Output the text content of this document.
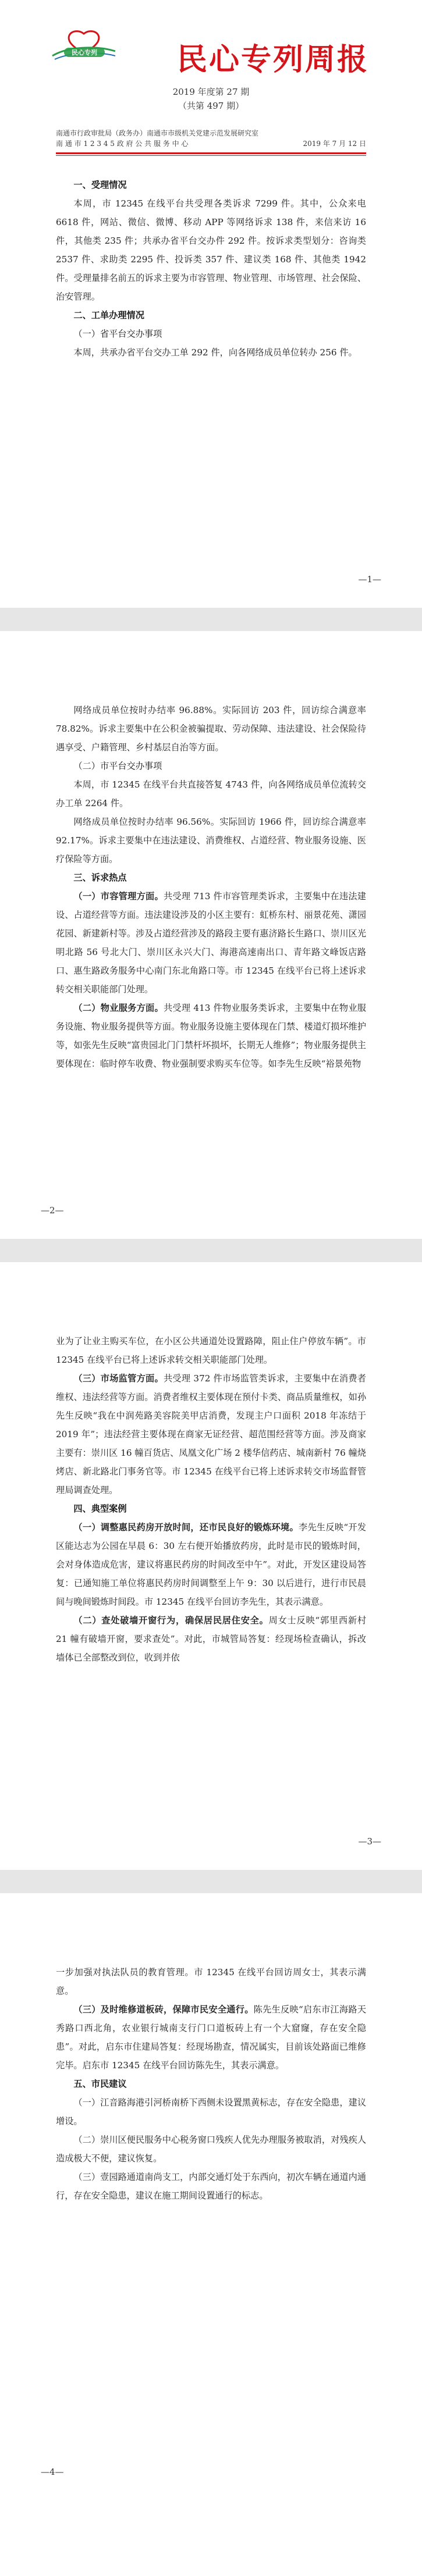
民心专列	民心专列周报
2019 年度第 27 期
（共第 497 期）
南通市行政审批局（政务办）南通市市级机关党建示范发展研究室
南 通 市 1 2 3 4 5 政 府 公 共 服 务 中 心	2019 年 7 月 12 日

一、受理情况

本周，市 12345 在线平台共受理各类诉求 7299 件。其中，公众来电 6618 件，网站、微信、微博、移动 APP 等网络诉求 138 件，来信来访 16 件，其他类 235 件；共承办省平台交办件 292 件。按诉求类型划分：咨询类 2537 件、求助类 2295 件、投诉类 357 件、建议类 168 件、其他类 1942 件。受理量排名前五的诉求主要为市容管理、物业管理、市场管理、社会保险、治安管理。

二、工单办理情况

（一）省平台交办事项

本周，共承办省平台交办工单 292 件，向各网络成员单位转办 256 件。

—1—

网络成员单位按时办结率 96.88%。实际回访 203 件，回访综合满意率 78.82%。诉求主要集中在公积金被骗提取、劳动保障、违法建设、社会保险待遇享受、户籍管理、乡村基层自治等方面。

（二）市平台交办事项

本周，市 12345 在线平台共直接答复 4743 件，向各网络成员单位流转交办工单 2264 件。

网络成员单位按时办结率 96.56%。实际回访 1966 件，回访综合满意率 92.17%。诉求主要集中在违法建设、消费维权、占道经营、物业服务设施、医疗保险等方面。

三、诉求热点

（一）市容管理方面。共受理 713 件市容管理类诉求，主要集中在违法建设、占道经营等方面。违法建设涉及的小区主要有：虹桥东村、丽景花苑、潇园花园、新建新村等。涉及占道经营涉及的路段主要有惠济路长生路口、崇川区光明北路 56 号北大门、崇川区永兴大门、海港高速南出口、青年路文峰饭店路口、惠生路政务服务中心南门东北角路口等。市 12345 在线平台已将上述诉求转交相关职能部门处理。

（二）物业服务方面。共受理 413 件物业服务类诉求，主要集中在物业服务设施、物业服务提供等方面。物业服务设施主要体现在门禁、楼道灯损坏维护等，如张先生反映“富贵园北门门禁杆坏损坏，长期无人维修”；物业服务提供主要体现在：临时停车收费、物业强制要求购买车位等。如李先生反映“裕景苑物

—2—

业为了让业主购买车位，在小区公共通道处设置路障，阻止住户停放车辆”。市 12345 在线平台已将上述诉求转交相关职能部门处理。

（三）市场监管方面。共受理 372 件市场监管类诉求，主要集中在消费者维权、违法经营等方面。消费者维权主要体现在预付卡类、商品质量维权，如孙先生反映“我在中润苑路美容院美甲店消费，发现主户口面积 2018 年冻结于 2019 年”；违法经营主要体现在商家无证经营、超范围经营等方面。涉及商家主要有：崇川区 16 幢百货店、凤凰文化广场 2 楼华信药店、城南新村 76 幢烧烤店、新北路北门事务官等。市 12345 在线平台已将上述诉求转交市场监督管理局调查处理。

四、典型案例

（一）调整惠民药房开放时间，还市民良好的锻炼环境。李先生反映“开发区能达志为公园在早晨 6：30 左右便开始播放药房，此时是市民的锻炼时间，会对身体造成危害，建议将惠民药房的时间改至中午”。对此，开发区建设局答复：已通知施工单位将惠民药房时间调整至上午 9：30 以后进行，进行市民晨间与晚间锻炼时间段。市 12345 在线平台回访李先生，其表示满意。

（二）查处破墙开窗行为，确保居民居住安全。周女士反映“郭里西新村 21 幢有破墙开窗，要求查处”。对此，市城管局答复：经现场检查确认，拆改墙体已全部整改到位，收到并依

—3—

一步加强对执法队员的教育管理。市 12345 在线平台回访周女士，其表示满意。

（三）及时维修道板砖，保障市民安全通行。陈先生反映“启东市江海路天秀路口西北角，农业银行城南支行门口道板砖上有一个大窟窿，存在安全隐患”。对此，启东市住建局答复：经现场勘查，情况属实，目前该处路面已维修完毕。启东市 12345 在线平台回访陈先生，其表示满意。

五、市民建议

（一）江音路海港引河桥南桥下西侧未设置黑黄标志，存在安全隐患，建议增设。

（二）崇川区便民服务中心税务窗口残疾人优先办理服务被取消，对残疾人造成极大不便，建议恢复。

（三）壹园路通道南尚支工，内部交通灯处于东西向，初次车辆在通道内通行，存在安全隐患，建议在施工期间设置通行的标志。

—4—
